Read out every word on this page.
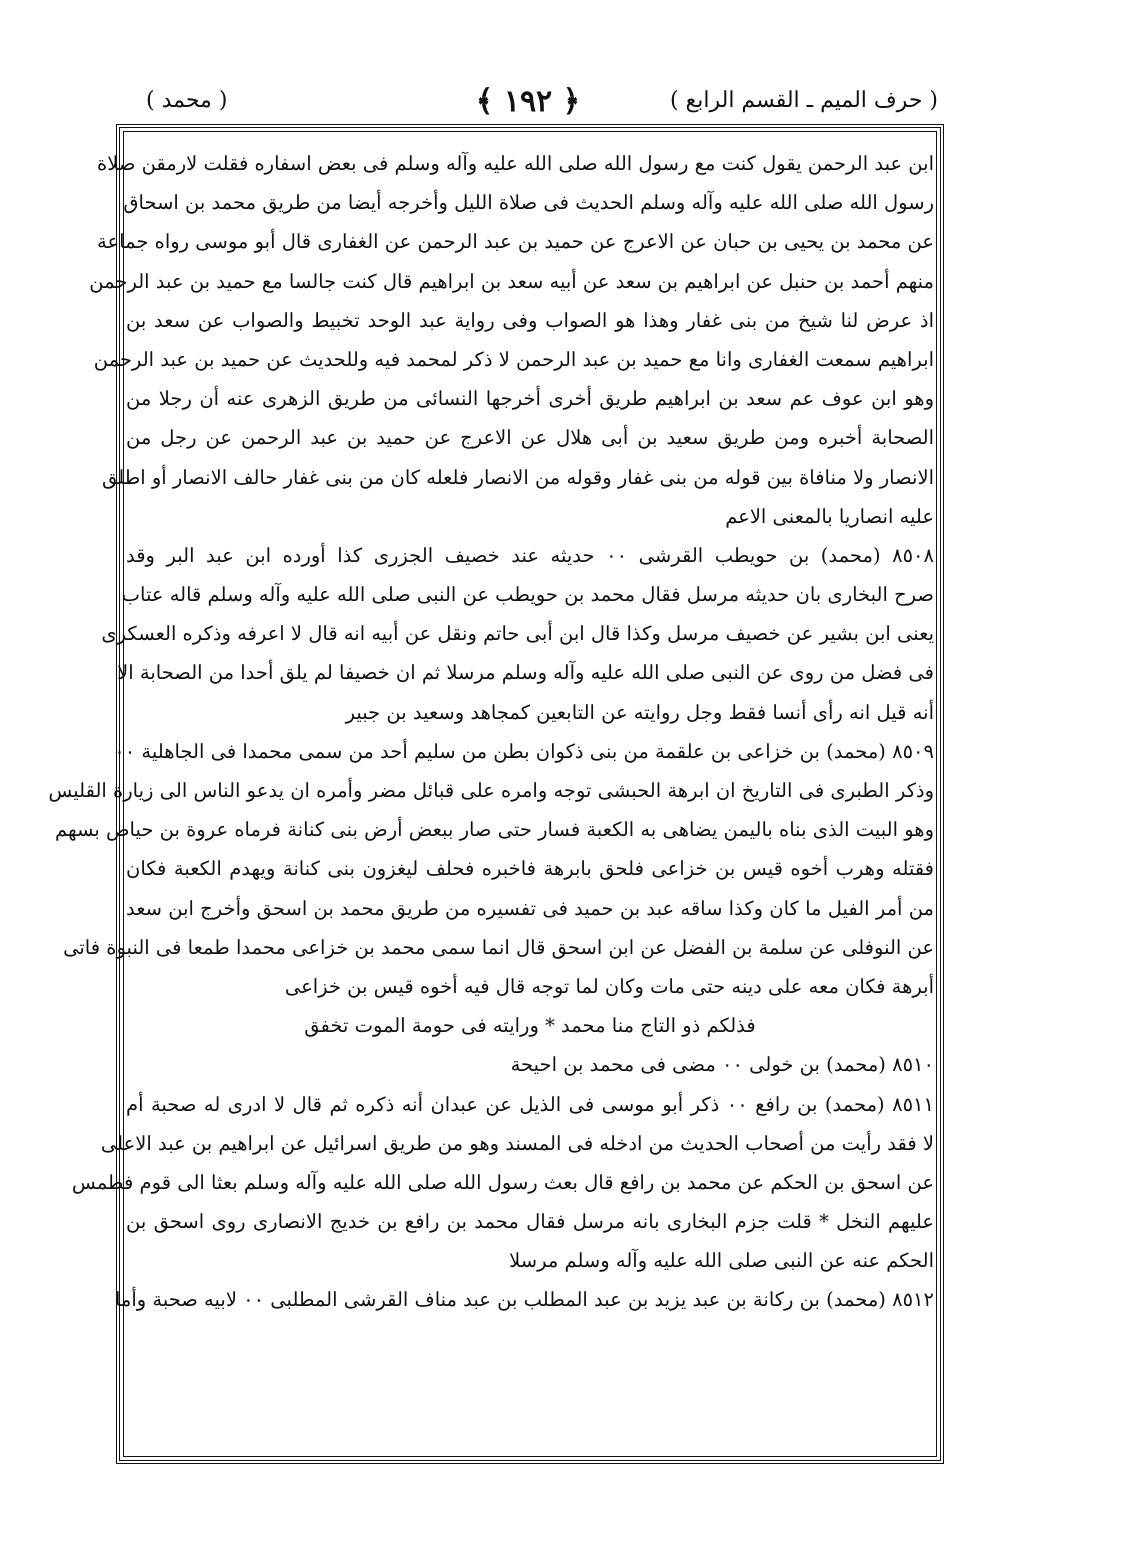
( حرف الميم ـ القسم الرابع )
﴿ ١٩٢ ﴾
( محمد )
ابن عبد الرحمن يقول كنت مع رسول الله صلى الله عليه وآله وسلم فى بعض اسفاره فقلت لارمقن صلاة
رسول الله صلى الله عليه وآله وسلم الحديث فى صلاة الليل وأخرجه أيضا من طريق محمد بن اسحاق
عن محمد بن يحيى بن حبان عن الاعرج عن حميد بن عبد الرحمن عن الغفارى قال أبو موسى رواه جماعة
منهم أحمد بن حنبل عن ابراهيم بن سعد عن أبيه سعد بن ابراهيم قال كنت جالسا مع حميد بن عبد الرحمن
اذ عرض لنا شيخ من بنى غفار وهذا هو الصواب وفى رواية عبد الوحد تخبيط والصواب عن سعد بن
ابراهيم سمعت الغفارى وانا مع حميد بن عبد الرحمن لا ذكر لمحمد فيه وللحديث عن حميد بن عبد الرحمن
وهو ابن عوف عم سعد بن ابراهيم طريق أخرى أخرجها النسائى من طريق الزهرى عنه أن رجلا من
الصحابة أخبره ومن طريق سعيد بن أبى هلال عن الاعرج عن حميد بن عبد الرحمن عن رجل من
الانصار ولا منافاة بين قوله من بنى غفار وقوله من الانصار فلعله كان من بنى غفار حالف الانصار أو اطلق
عليه انصاريا بالمعنى الاعم
٨٥٠٨ (محمد) بن حويطب القرشى ٠٠ حديثه عند خصيف الجزرى كذا أورده ابن عبد البر وقد
صرح البخارى بان حديثه مرسل فقال محمد بن حويطب عن النبى صلى الله عليه وآله وسلم قاله عتاب
يعنى ابن بشير عن خصيف مرسل وكذا قال ابن أبى حاتم ونقل عن أبيه انه قال لا اعرفه وذكره العسكرى
فى فضل من روى عن النبى صلى الله عليه وآله وسلم مرسلا ثم ان خصيفا لم يلق أحدا من الصحابة الا
أنه قيل انه رأى أنسا فقط وجل روايته عن التابعين كمجاهد وسعيد بن جبير
٨٥٠٩ (محمد) بن خزاعى بن علقمة من بنى ذكوان بطن من سليم أحد من سمى محمدا فى الجاهلية ٠٠
وذكر الطبرى فى التاريخ ان ابرهة الحبشى توجه وامره على قبائل مضر وأمره ان يدعو الناس الى زيارة القليس
وهو البيت الذى بناه باليمن يضاهى به الكعبة فسار حتى صار ببعض أرض بنى كنانة فرماه عروة بن حياص بسهم
فقتله وهرب أخوه قيس بن خزاعى فلحق بابرهة فاخبره فحلف ليغزون بنى كنانة ويهدم الكعبة فكان
من أمر الفيل ما كان وكذا ساقه عبد بن حميد فى تفسيره من طريق محمد بن اسحق وأخرج ابن سعد
عن النوفلى عن سلمة بن الفضل عن ابن اسحق قال انما سمى محمد بن خزاعى محمدا طمعا فى النبوة فاتى
أبرهة فكان معه على دينه حتى مات وكان لما توجه قال فيه أخوه قيس بن خزاعى
فذلكم ذو التاج منا محمد * ورايته فى حومة الموت تخفق
٨٥١٠ (محمد) بن خولى ٠٠ مضى فى محمد بن احيحة
٨٥١١ (محمد) بن رافع ٠٠ ذكر أبو موسى فى الذيل عن عبدان أنه ذكره ثم قال لا ادرى له صحبة أم
لا فقد رأيت من أصحاب الحديث من ادخله فى المسند وهو من طريق اسرائيل عن ابراهيم بن عبد الاعلى
عن اسحق بن الحكم عن محمد بن رافع قال بعث رسول الله صلى الله عليه وآله وسلم بعثا الى قوم فطمس
عليهم النخل * قلت جزم البخارى بانه مرسل فقال محمد بن رافع بن خديج الانصارى روى اسحق بن
الحكم عنه عن النبى صلى الله عليه وآله وسلم مرسلا
٨٥١٢ (محمد) بن ركانة بن عبد يزيد بن عبد المطلب بن عبد مناف القرشى المطلبى ٠٠ لابيه صحبة وأما
